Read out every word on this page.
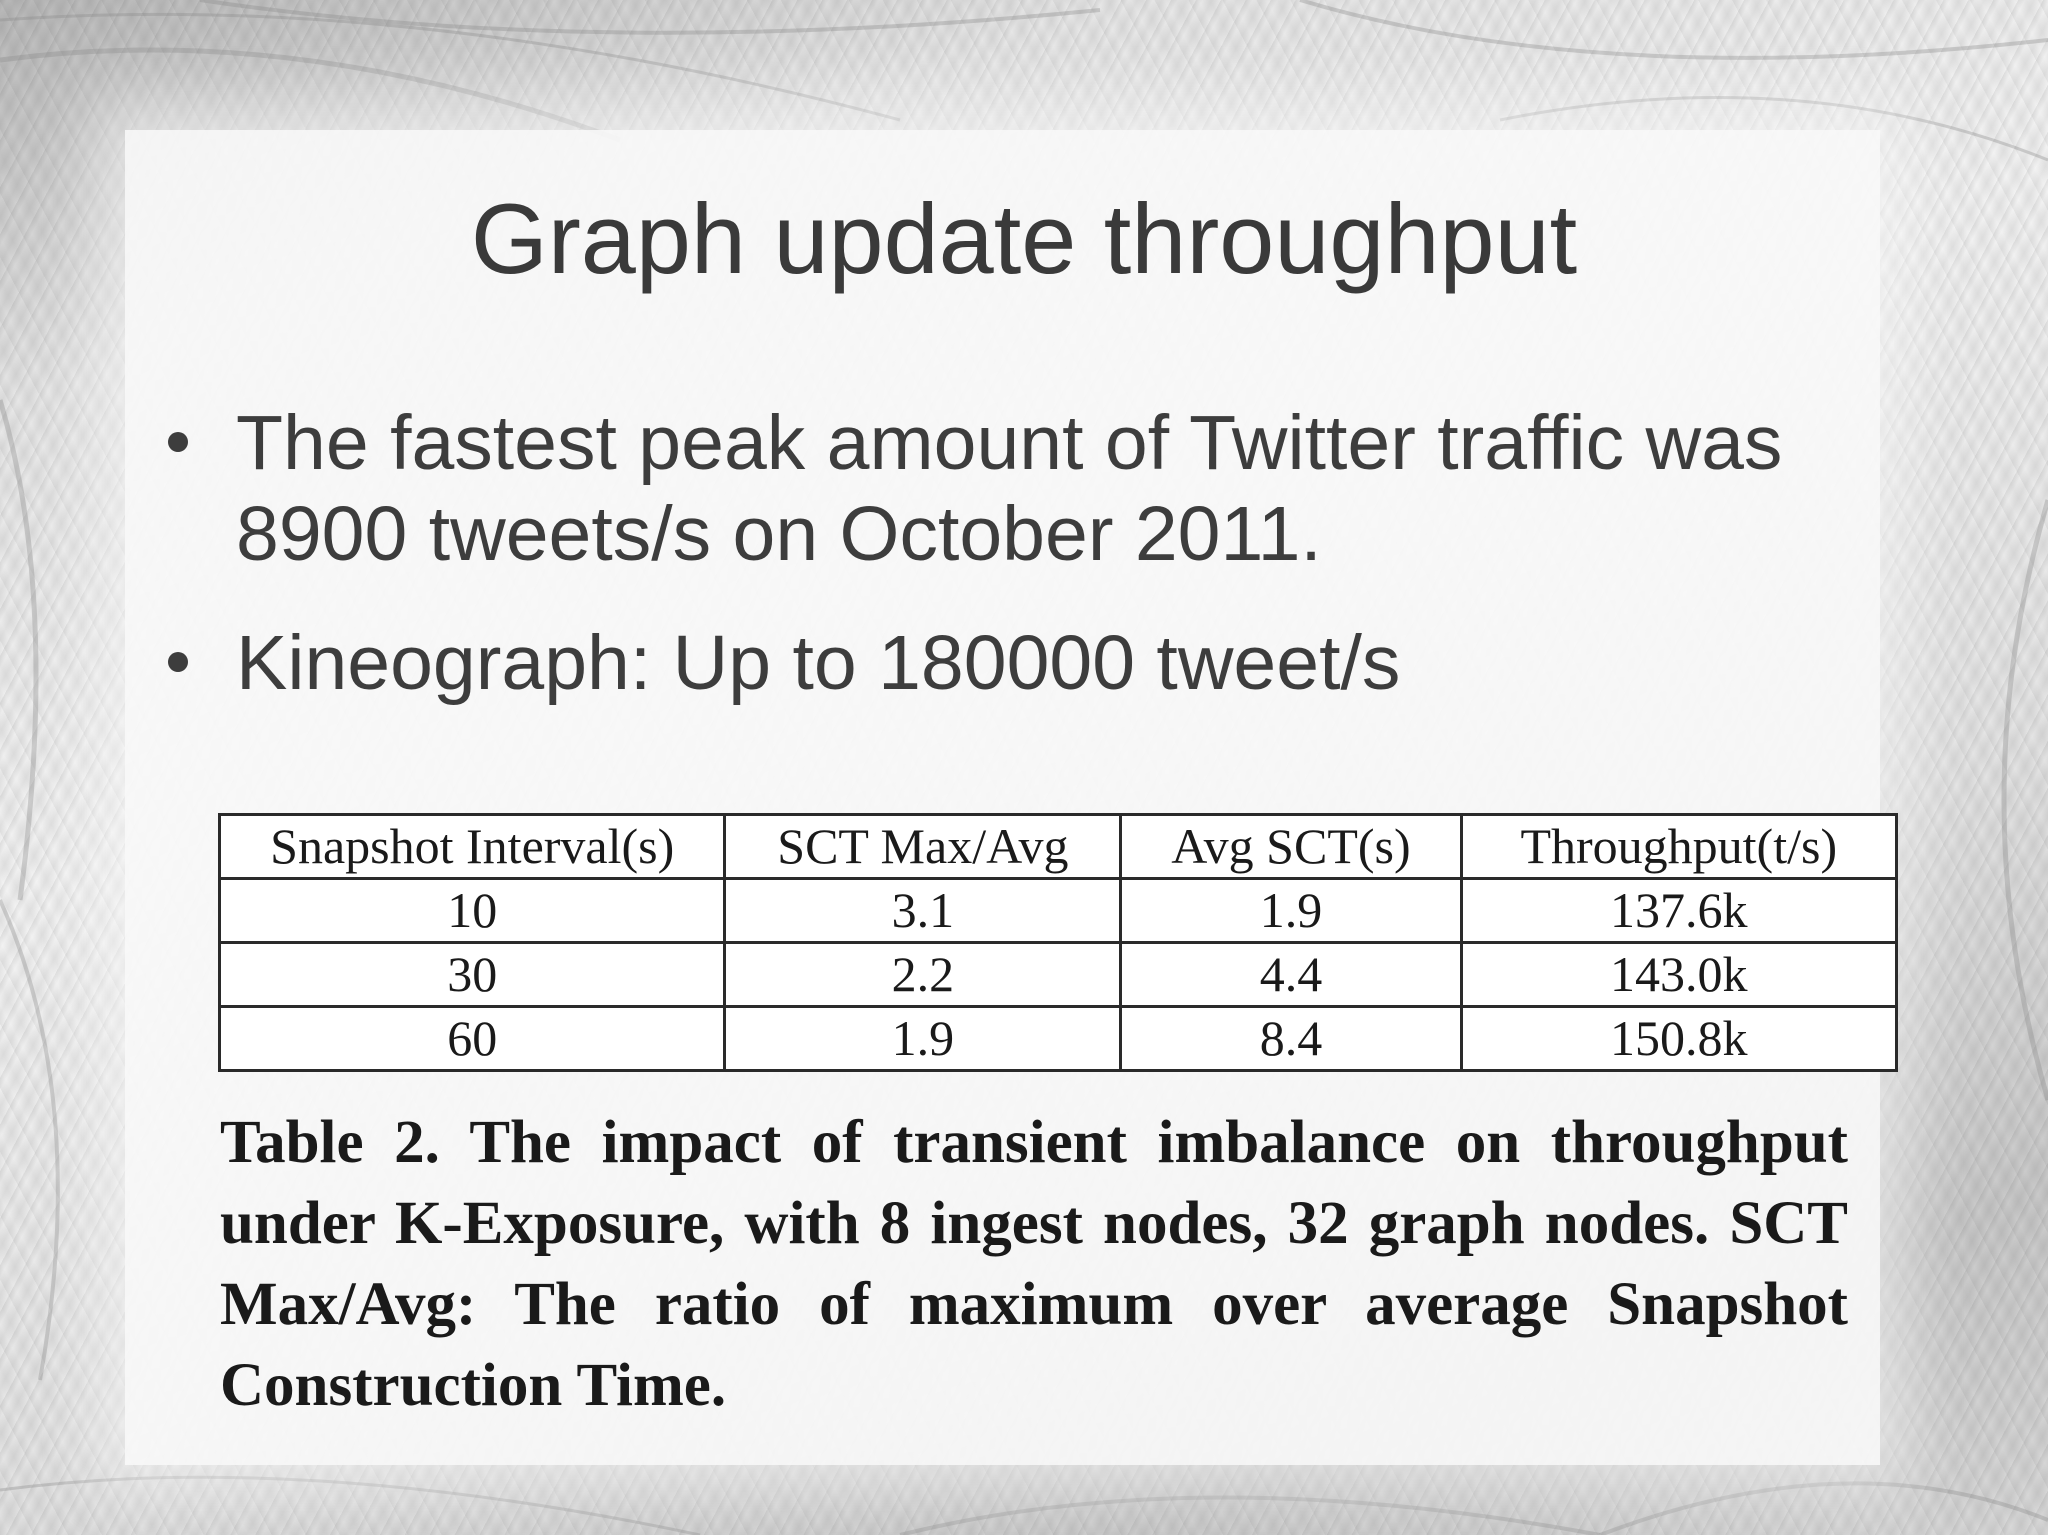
Graph update throughput
The fastest peak amount of Twitter traffic was 8900 tweets/s on October 2011.
Kineograph: Up to 180000 tweet/s
Snapshot Interval(s)	SCT Max/Avg	Avg SCT(s)	Throughput(t/s)
10	3.1	1.9	137.6k
30	2.2	4.4	143.0k
60	1.9	8.4	150.8k

Table 2. The impact of transient imbalance on throughput under K-Exposure, with 8 ingest nodes, 32 graph nodes. SCT Max/Avg: The ratio of maximum over average Snapshot Construction Time.
